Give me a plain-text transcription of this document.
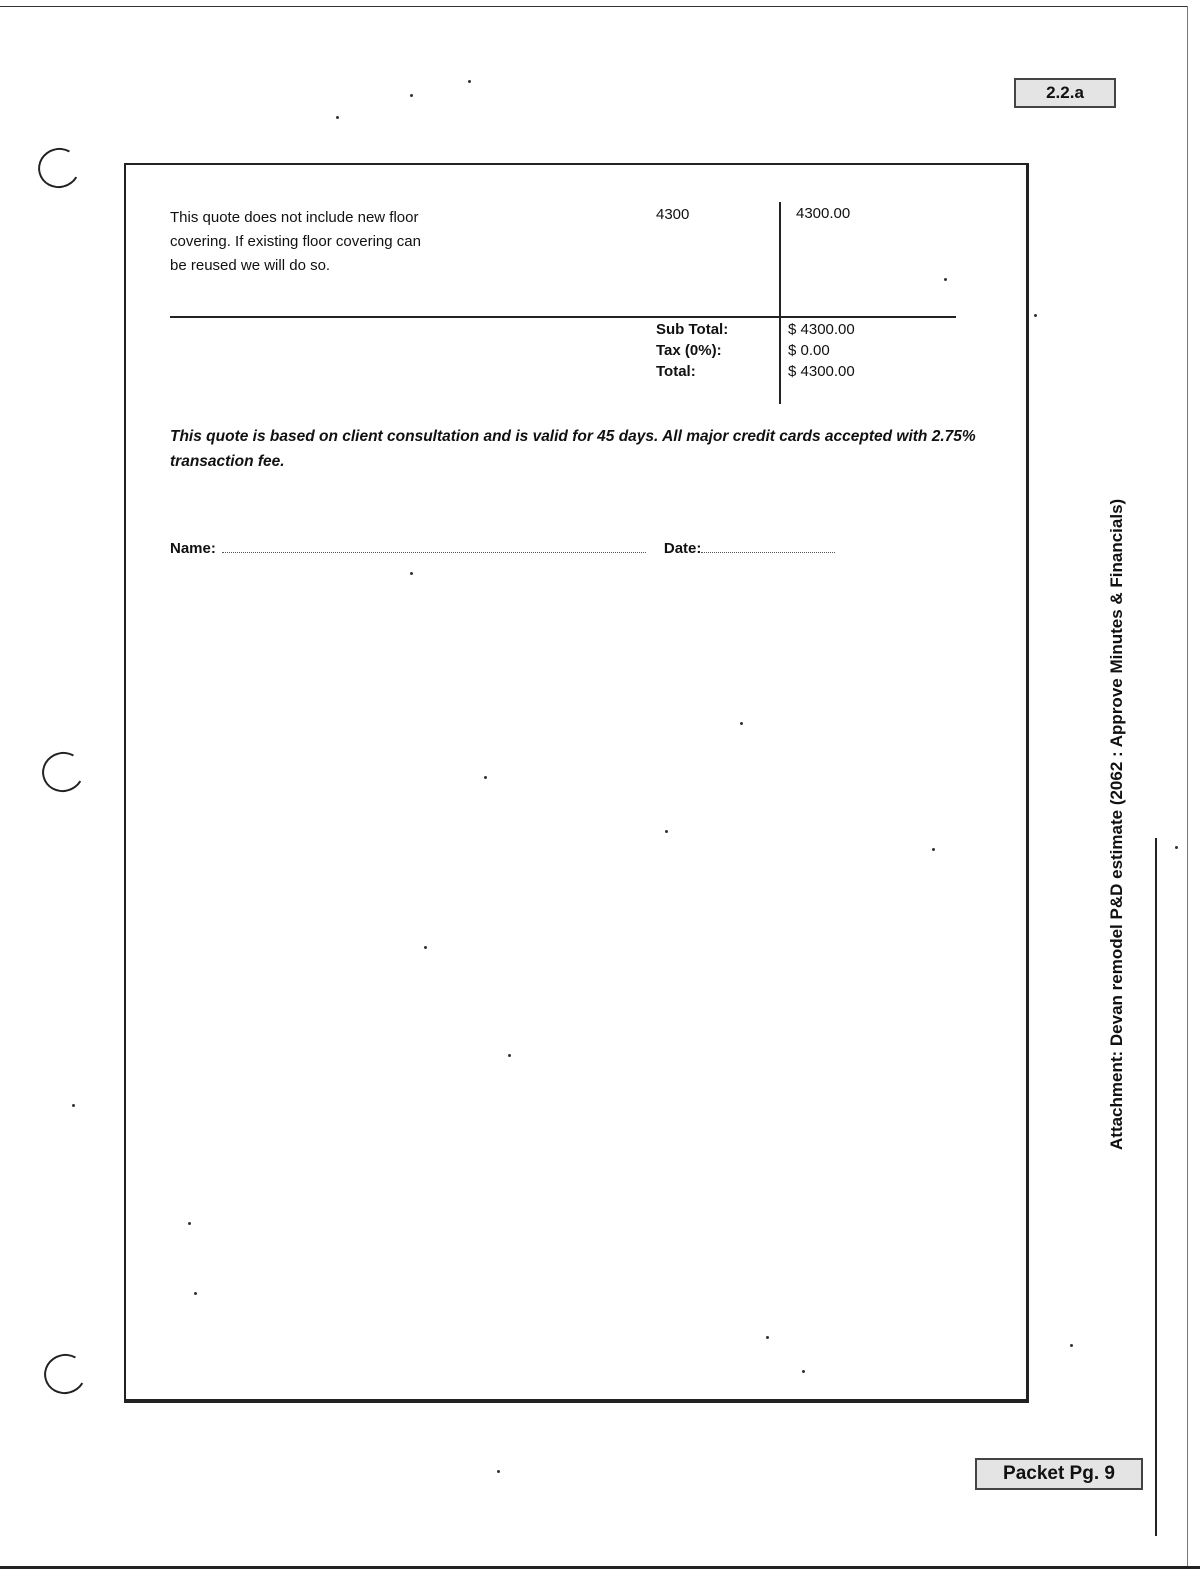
2.2.a
Attachment: Devan remodel P&D estimate (2062 : Approve Minutes & Financials)
This quote does not include new floor covering. If existing floor covering can be reused we will do so.
4300	4300.00
Sub Total:
Tax (0%):
Total:
$ 4300.00
$ 0.00
$ 4300.00
This quote is based on client consultation and is valid for 45 days. All major credit cards accepted with 2.75% transaction fee.
Name:	Date:
Packet Pg. 9
